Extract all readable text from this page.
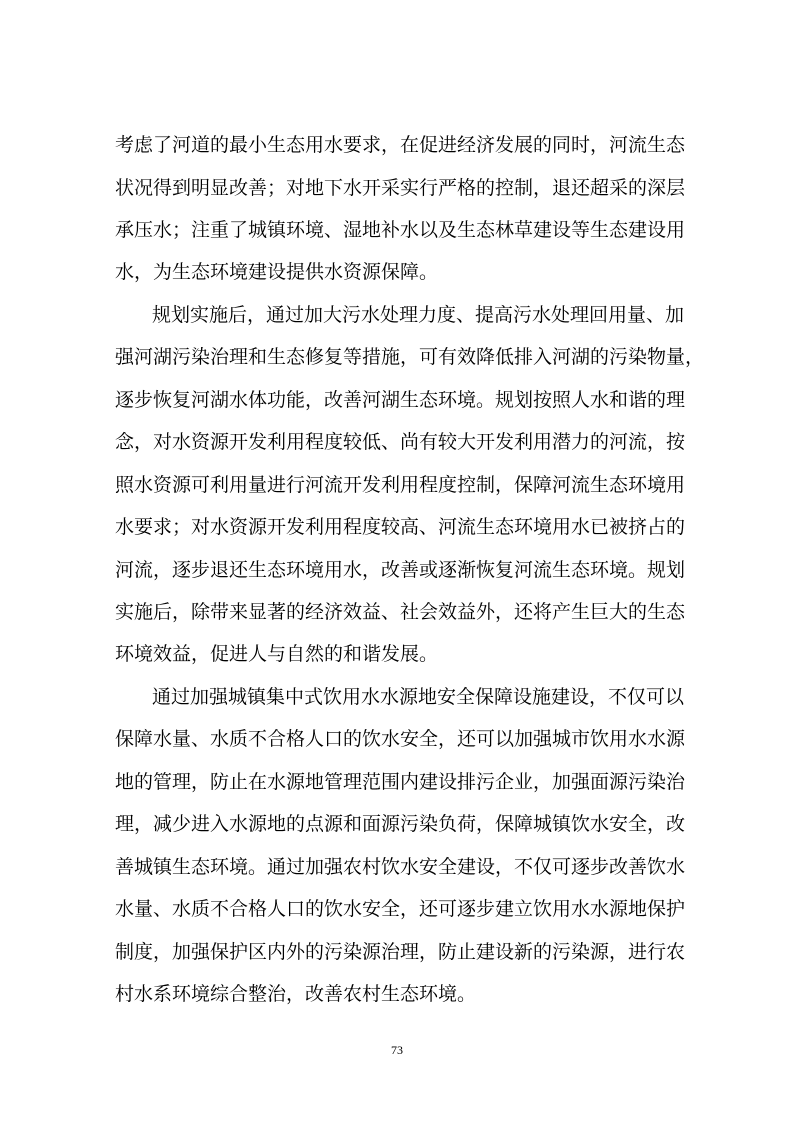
考虑了河道的最小生态用水要求，在促进经济发展的同时，河流生态
状况得到明显改善；对地下水开采实行严格的控制，退还超采的深层
承压水；注重了城镇环境、湿地补水以及生态林草建设等生态建设用
水，为生态环境建设提供水资源保障。
规划实施后，通过加大污水处理力度、提高污水处理回用量、加
强河湖污染治理和生态修复等措施，可有效降低排入河湖的污染物量，
逐步恢复河湖水体功能，改善河湖生态环境。规划按照人水和谐的理
念，对水资源开发利用程度较低、尚有较大开发利用潜力的河流，按
照水资源可利用量进行河流开发利用程度控制，保障河流生态环境用
水要求；对水资源开发利用程度较高、河流生态环境用水已被挤占的
河流，逐步退还生态环境用水，改善或逐渐恢复河流生态环境。规划
实施后，除带来显著的经济效益、社会效益外，还将产生巨大的生态
环境效益，促进人与自然的和谐发展。
通过加强城镇集中式饮用水水源地安全保障设施建设，不仅可以
保障水量、水质不合格人口的饮水安全，还可以加强城市饮用水水源
地的管理，防止在水源地管理范围内建设排污企业，加强面源污染治
理，减少进入水源地的点源和面源污染负荷，保障城镇饮水安全，改
善城镇生态环境。通过加强农村饮水安全建设，不仅可逐步改善饮水
水量、水质不合格人口的饮水安全，还可逐步建立饮用水水源地保护
制度，加强保护区内外的污染源治理，防止建设新的污染源，进行农
村水系环境综合整治，改善农村生态环境。
73
